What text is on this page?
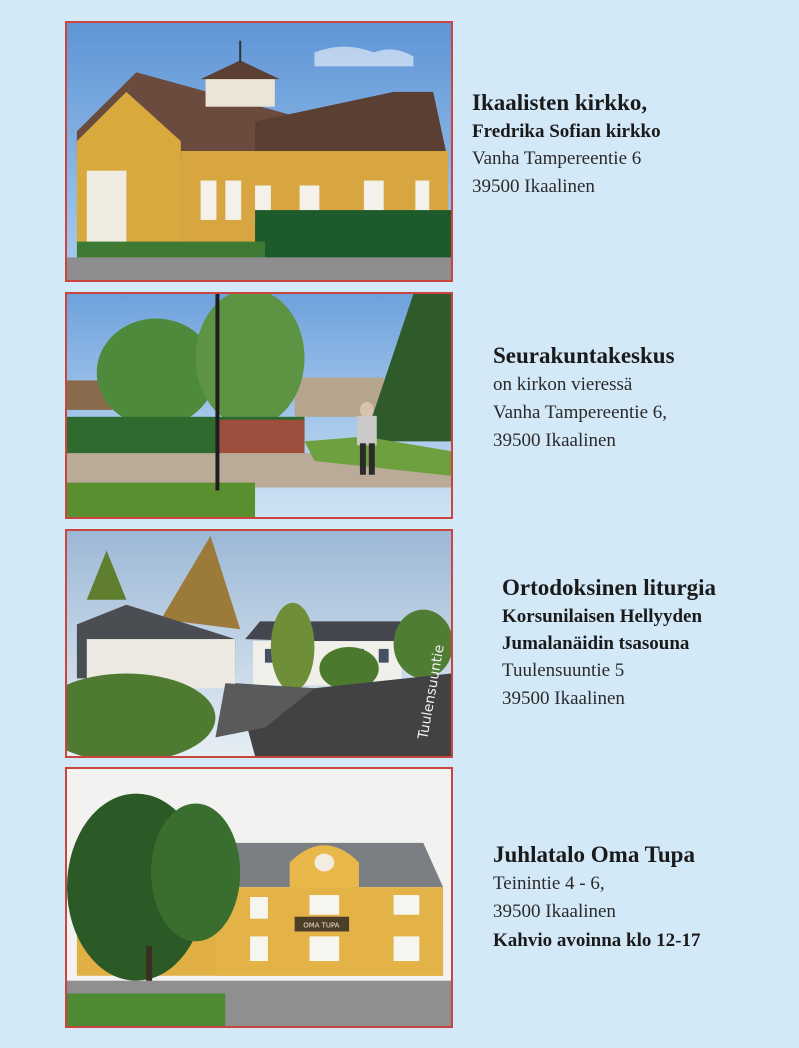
Ikaalisten kirkko,
Fredrika Sofian kirkko
Vanha Tampereentie 6
39500 Ikaalinen
Seurakuntakeskus
on kirkon vieressä
Vanha Tampereentie 6,
39500 Ikaalinen
Tuulensuuntie
Ortodoksinen liturgia
Korsunilaisen Hellyyden
Jumalanäidin tsasouna
Tuulensuuntie 5
39500 Ikaalinen
OMA TUPA
Juhlatalo Oma Tupa
Teinintie 4 - 6,
39500 Ikaalinen
Kahvio avoinna klo 12-17
